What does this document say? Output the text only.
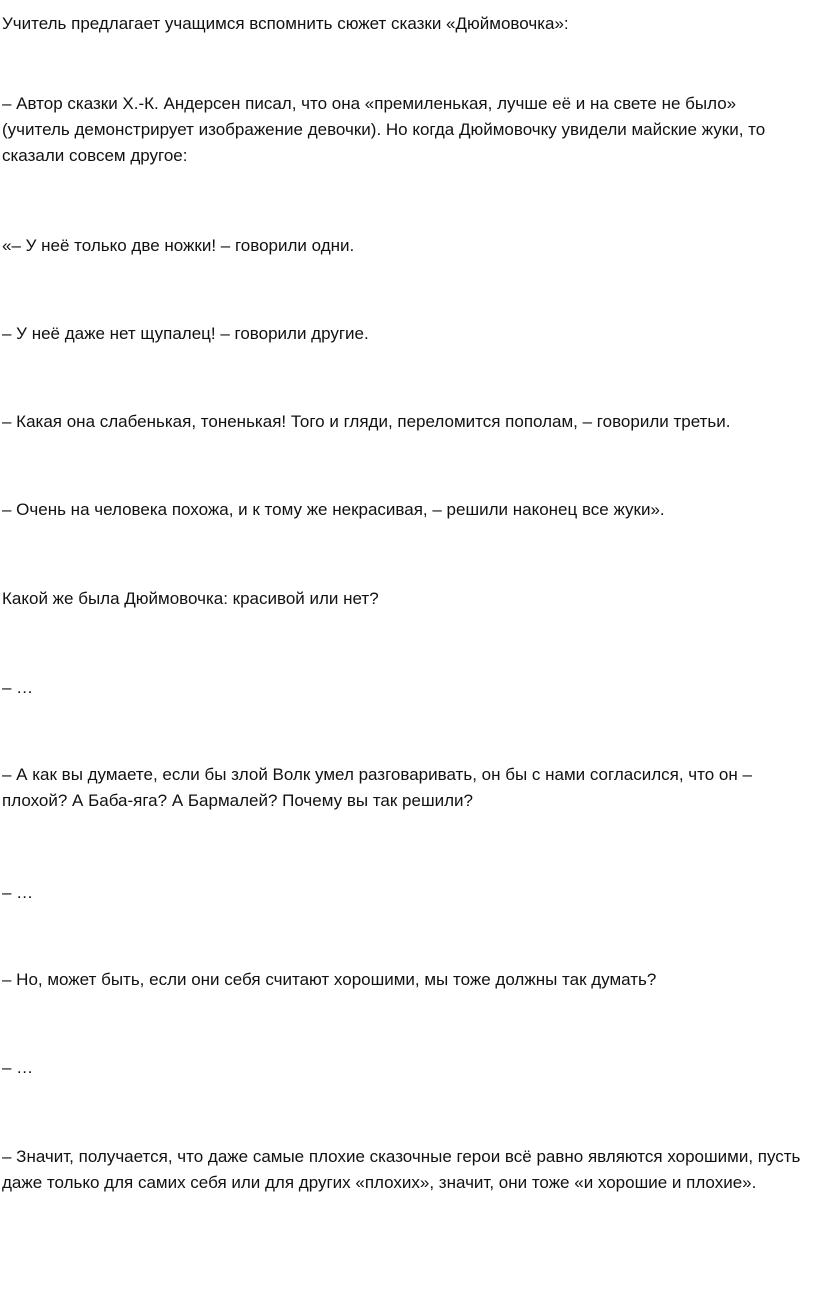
Учитель предлагает учащимся вспомнить сюжет сказки «Дюймовочка»:

– Автор сказки Х.-К. Андерсен писал, что она «премиленькая, лучше её и на свете не было» (учитель демонстрирует изображение девочки). Но когда Дюймовочку увидели майские жуки, то сказали совсем другое:

«– У неё только две ножки! – говорили одни.

– У неё даже нет щупалец! – говорили другие.

– Какая она слабенькая, тоненькая! Того и гляди, переломится пополам, – говорили третьи.

– Очень на человека похожа, и к тому же некрасивая, – решили наконец все жуки».

Какой же была Дюймовочка: красивой или нет?

– …

– А как вы думаете, если бы злой Волк умел разговаривать, он бы с нами согласился, что он – плохой? А Баба-яга? А Бармалей? Почему вы так решили?

– …

– Но, может быть, если они себя считают хорошими, мы тоже должны так думать?

– …

– Значит, получается, что даже самые плохие сказочные герои всё равно являются хорошими, пусть даже только для самих себя или для других «плохих», значит, они тоже «и хорошие и плохие».
